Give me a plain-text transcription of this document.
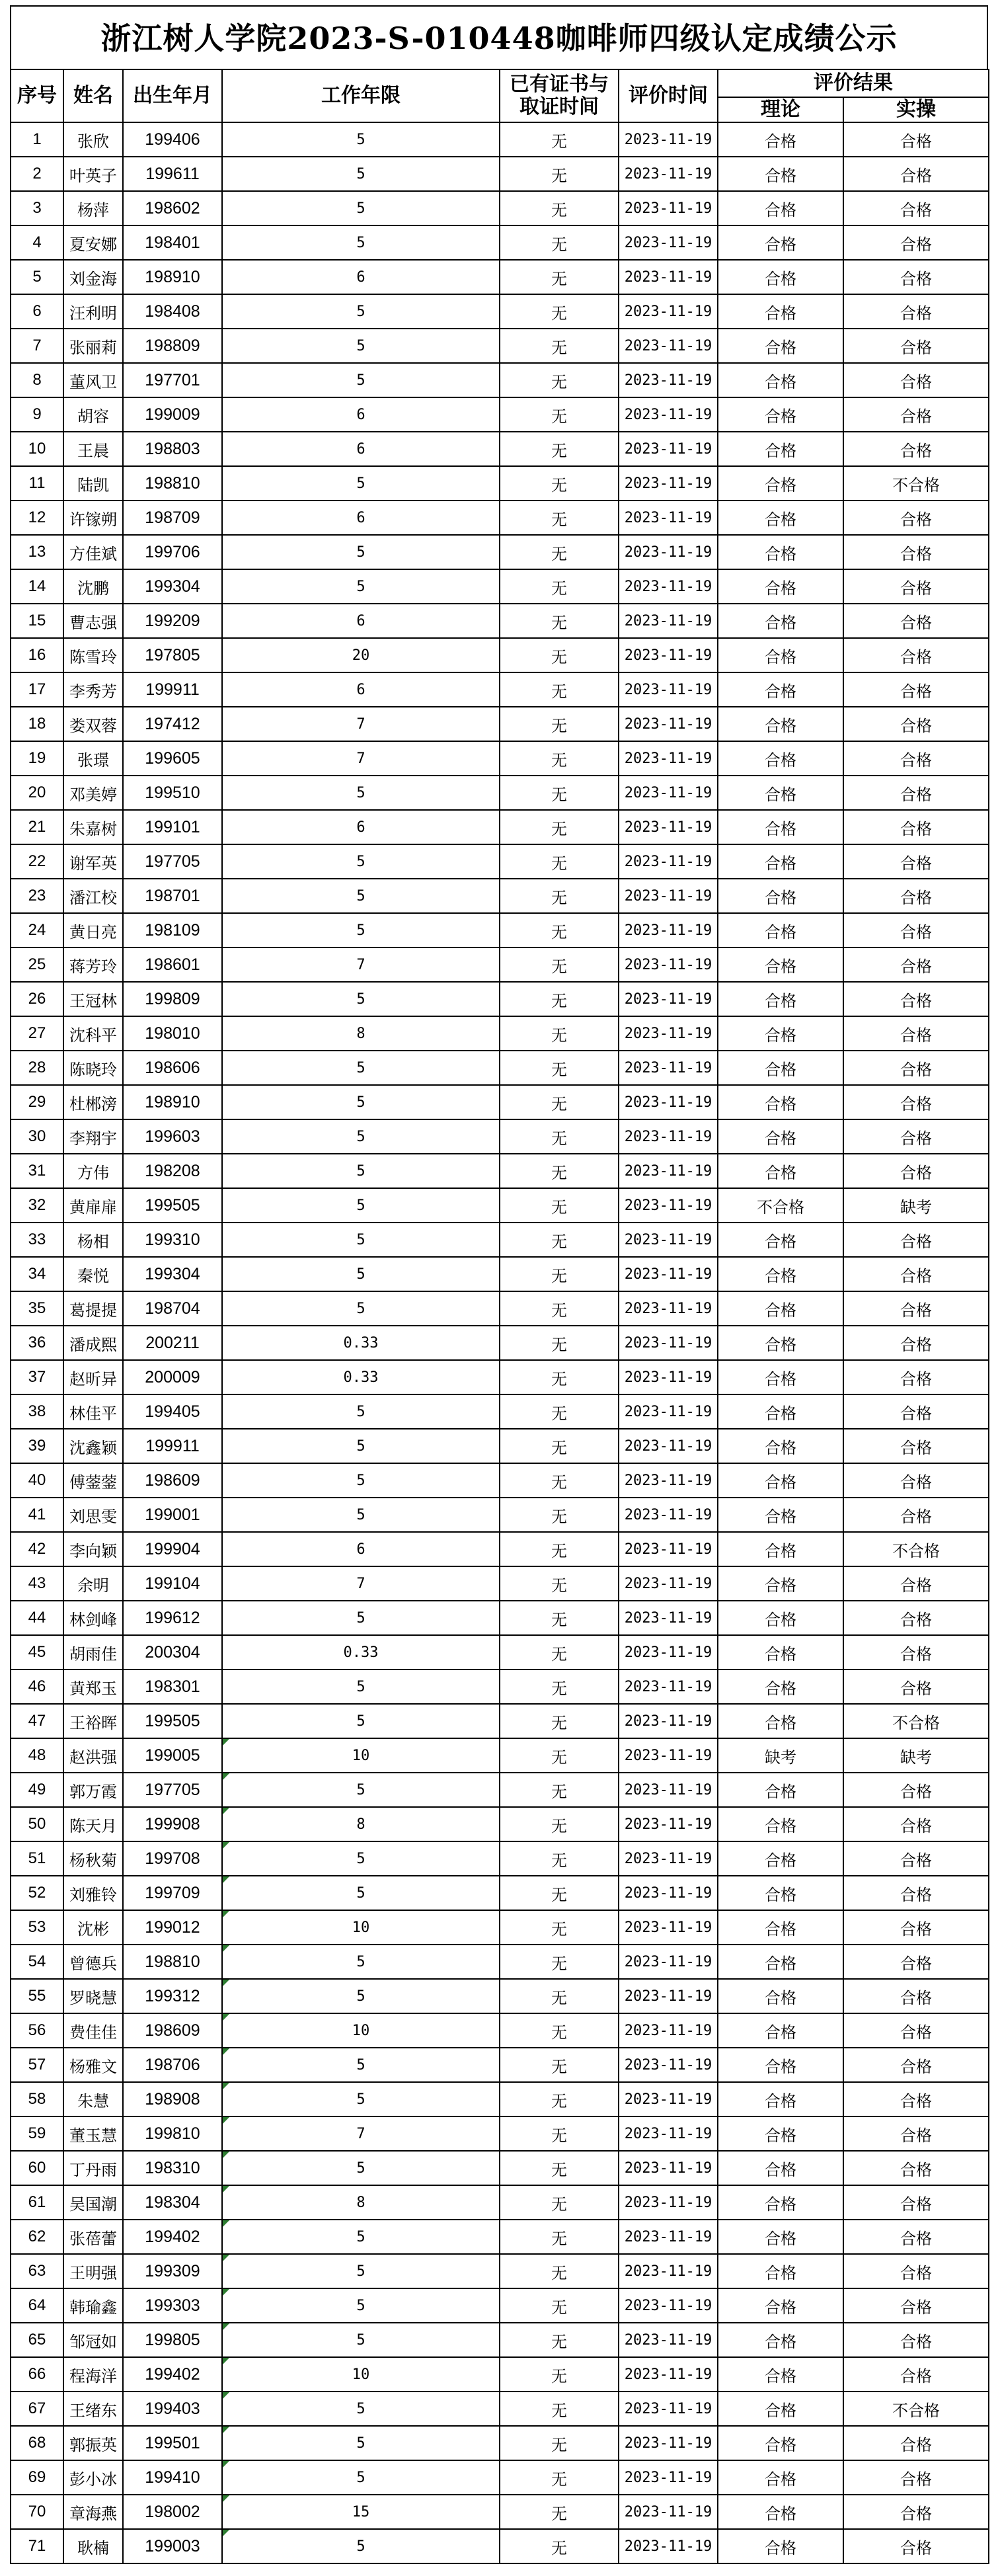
浙江树人学院2023-S-010448咖啡师四级认定成绩公示
序号	姓名	出生年月	工作年限	已有证书与取证时间	评价时间	评价结果	
						理论	实操
1	张欣	199406	5	无	2023-11-19	合格	合格
2	叶英子	199611	5	无	2023-11-19	合格	合格
3	杨萍	198602	5	无	2023-11-19	合格	合格
4	夏安娜	198401	5	无	2023-11-19	合格	合格
5	刘金海	198910	6	无	2023-11-19	合格	合格
6	汪利明	198408	5	无	2023-11-19	合格	合格
7	张丽莉	198809	5	无	2023-11-19	合格	合格
8	董风卫	197701	5	无	2023-11-19	合格	合格
9	胡容	199009	6	无	2023-11-19	合格	合格
10	王晨	198803	6	无	2023-11-19	合格	合格
11	陆凯	198810	5	无	2023-11-19	合格	不合格
12	许镓朔	198709	6	无	2023-11-19	合格	合格
13	方佳斌	199706	5	无	2023-11-19	合格	合格
14	沈鹏	199304	5	无	2023-11-19	合格	合格
15	曹志强	199209	6	无	2023-11-19	合格	合格
16	陈雪玲	197805	20	无	2023-11-19	合格	合格
17	李秀芳	199911	6	无	2023-11-19	合格	合格
18	娄双蓉	197412	7	无	2023-11-19	合格	合格
19	张璟	199605	7	无	2023-11-19	合格	合格
20	邓美婷	199510	5	无	2023-11-19	合格	合格
21	朱嘉树	199101	6	无	2023-11-19	合格	合格
22	谢军英	197705	5	无	2023-11-19	合格	合格
23	潘江校	198701	5	无	2023-11-19	合格	合格
24	黄日亮	198109	5	无	2023-11-19	合格	合格
25	蒋芳玲	198601	7	无	2023-11-19	合格	合格
26	王冠林	199809	5	无	2023-11-19	合格	合格
27	沈科平	198010	8	无	2023-11-19	合格	合格
28	陈晓玲	198606	5	无	2023-11-19	合格	合格
29	杜郴滂	198910	5	无	2023-11-19	合格	合格
30	李翔宇	199603	5	无	2023-11-19	合格	合格
31	方伟	198208	5	无	2023-11-19	合格	合格
32	黄扉扉	199505	5	无	2023-11-19	不合格	缺考
33	杨相	199310	5	无	2023-11-19	合格	合格
34	秦悦	199304	5	无	2023-11-19	合格	合格
35	葛提提	198704	5	无	2023-11-19	合格	合格
36	潘成熙	200211	0.33	无	2023-11-19	合格	合格
37	赵昕异	200009	0.33	无	2023-11-19	合格	合格
38	林佳平	199405	5	无	2023-11-19	合格	合格
39	沈鑫颖	199911	5	无	2023-11-19	合格	合格
40	傅蓥蓥	198609	5	无	2023-11-19	合格	合格
41	刘思雯	199001	5	无	2023-11-19	合格	合格
42	李向颖	199904	6	无	2023-11-19	合格	不合格
43	余明	199104	7	无	2023-11-19	合格	合格
44	林剑峰	199612	5	无	2023-11-19	合格	合格
45	胡雨佳	200304	0.33	无	2023-11-19	合格	合格
46	黄郑玉	198301	5	无	2023-11-19	合格	合格
47	王裕晖	199505	5	无	2023-11-19	合格	不合格
48	赵洪强	199005	10	无	2023-11-19	缺考	缺考
49	郭万霞	197705	5	无	2023-11-19	合格	合格
50	陈天月	199908	8	无	2023-11-19	合格	合格
51	杨秋菊	199708	5	无	2023-11-19	合格	合格
52	刘雅铃	199709	5	无	2023-11-19	合格	合格
53	沈彬	199012	10	无	2023-11-19	合格	合格
54	曾德兵	198810	5	无	2023-11-19	合格	合格
55	罗晓慧	199312	5	无	2023-11-19	合格	合格
56	费佳佳	198609	10	无	2023-11-19	合格	合格
57	杨雅文	198706	5	无	2023-11-19	合格	合格
58	朱慧	198908	5	无	2023-11-19	合格	合格
59	董玉慧	199810	7	无	2023-11-19	合格	合格
60	丁丹雨	198310	5	无	2023-11-19	合格	合格
61	吴国潮	198304	8	无	2023-11-19	合格	合格
62	张蓓蕾	199402	5	无	2023-11-19	合格	合格
63	王明强	199309	5	无	2023-11-19	合格	合格
64	韩瑜鑫	199303	5	无	2023-11-19	合格	合格
65	邹冠如	199805	5	无	2023-11-19	合格	合格
66	程海洋	199402	10	无	2023-11-19	合格	合格
67	王绪东	199403	5	无	2023-11-19	合格	不合格
68	郭振英	199501	5	无	2023-11-19	合格	合格
69	彭小冰	199410	5	无	2023-11-19	合格	合格
70	章海燕	198002	15	无	2023-11-19	合格	合格
71	耿楠	199003	5	无	2023-11-19	合格	合格
